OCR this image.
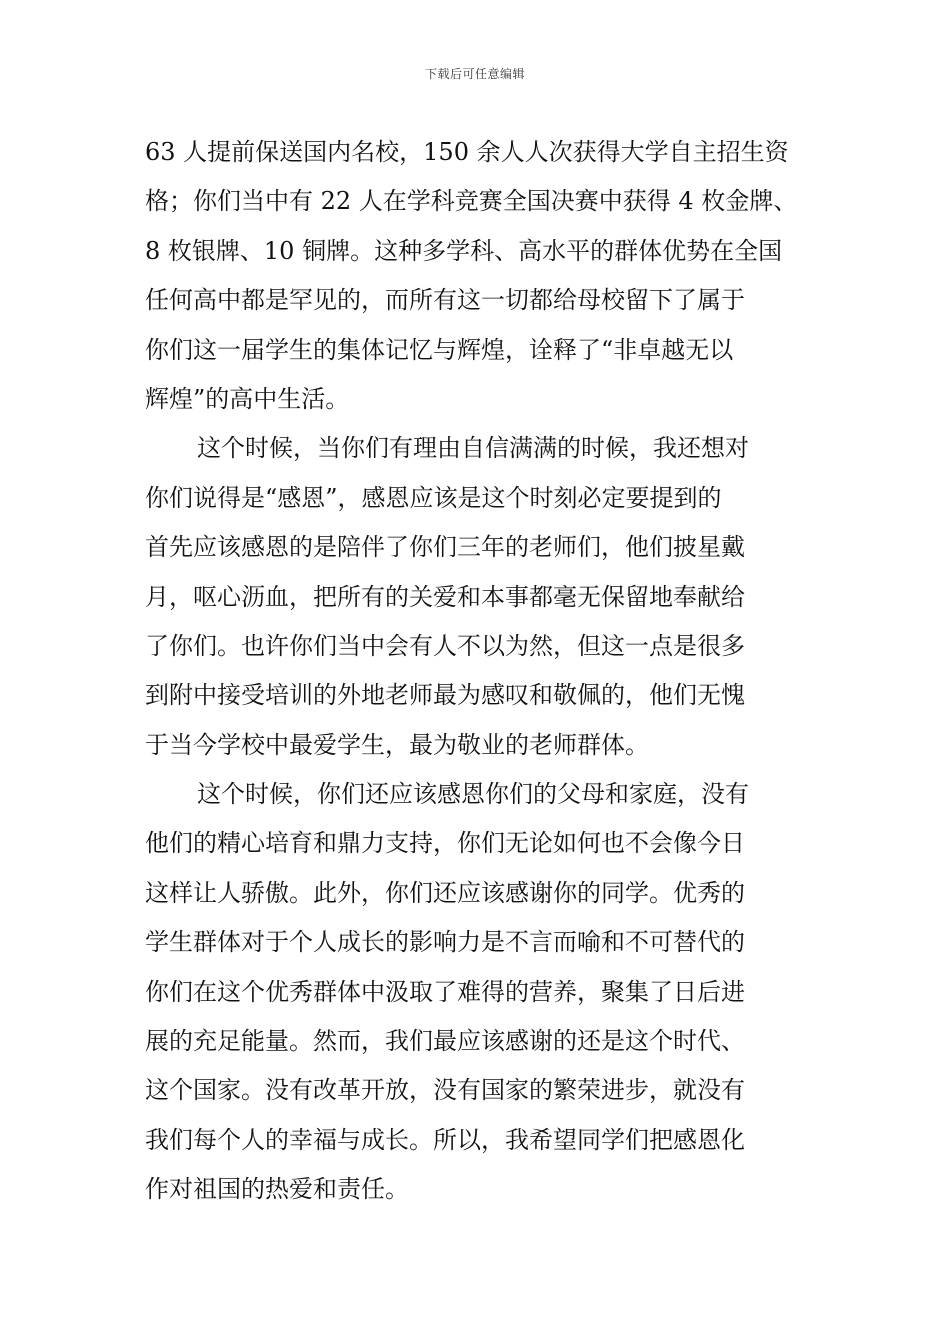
下载后可任意编辑
63 人提前保送国内名校，150 余人人次获得大学自主招生资
格；你们当中有 22 人在学科竞赛全国决赛中获得 4 枚金牌、
8 枚银牌、10 铜牌。这种多学科、高水平的群体优势在全国
任何高中都是罕见的，而所有这一切都给母校留下了属于
你们这一届学生的集体记忆与辉煌，诠释了“非卓越无以
辉煌”的高中生活。
这个时候，当你们有理由自信满满的时候，我还想对
你们说得是“感恩”，感恩应该是这个时刻必定要提到的
首先应该感恩的是陪伴了你们三年的老师们，他们披星戴
月，呕心沥血，把所有的关爱和本事都毫无保留地奉献给
了你们。也许你们当中会有人不以为然，但这一点是很多
到附中接受培训的外地老师最为感叹和敬佩的，他们无愧
于当今学校中最爱学生，最为敬业的老师群体。
这个时候，你们还应该感恩你们的父母和家庭，没有
他们的精心培育和鼎力支持，你们无论如何也不会像今日
这样让人骄傲。此外，你们还应该感谢你的同学。优秀的
学生群体对于个人成长的影响力是不言而喻和不可替代的
你们在这个优秀群体中汲取了难得的营养，聚集了日后进
展的充足能量。然而，我们最应该感谢的还是这个时代、
这个国家。没有改革开放，没有国家的繁荣进步，就没有
我们每个人的幸福与成长。所以，我希望同学们把感恩化
作对祖国的热爱和责任。
